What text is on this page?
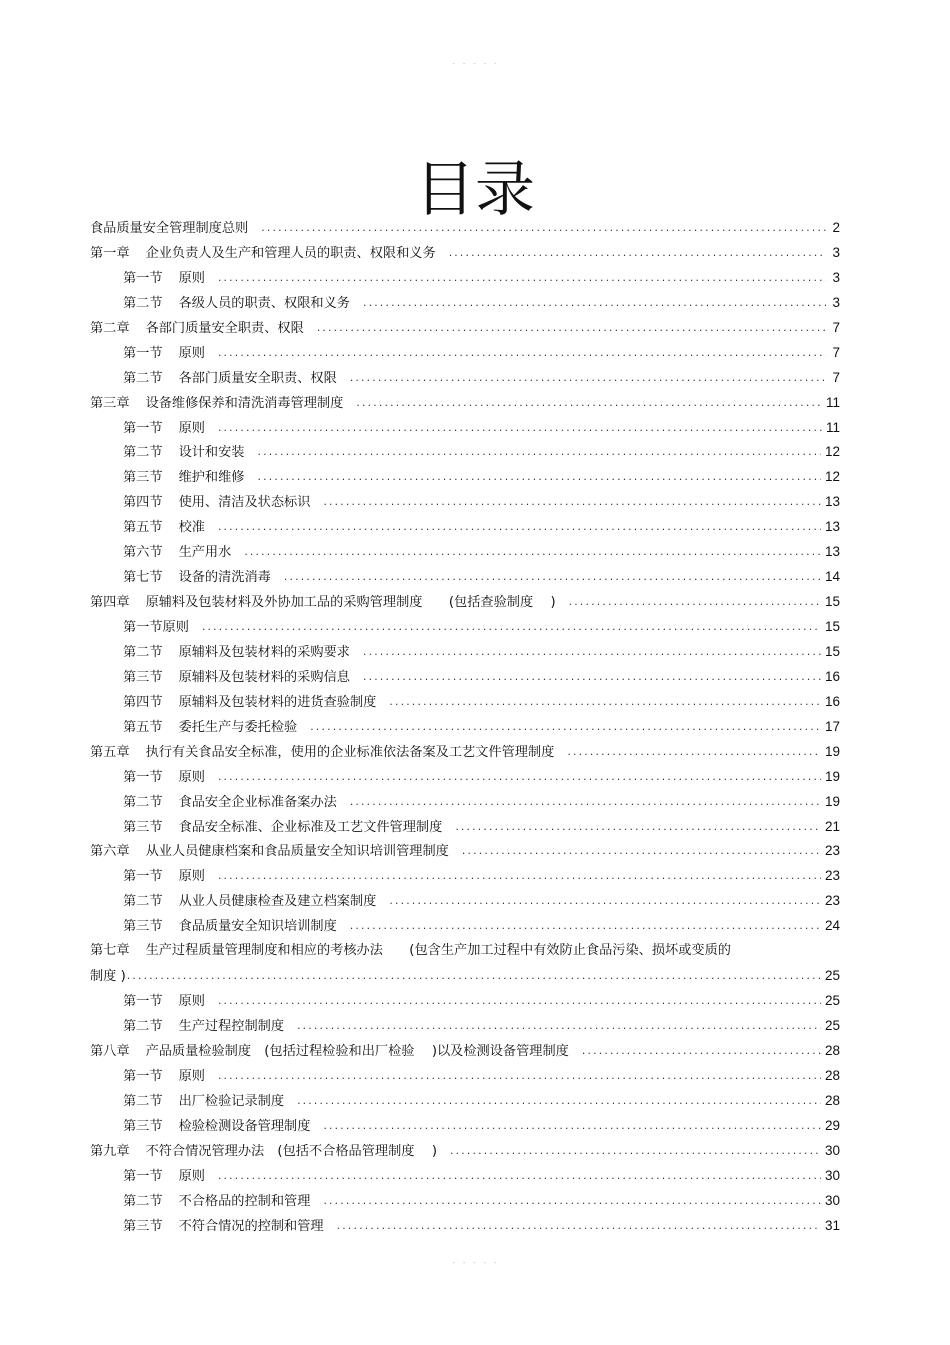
- - - - -
目录
食品质量安全管理制度总则 .....	2
第一章 企业负责人及生产和管理人员的职责、权限和义务 .....	3
第一节 原则 .....	3
第二节 各级人员的职责、权限和义务 .....	3
第二章 各部门质量安全职责、权限 .....	7
第一节 原则 .....	7
第二节 各部门质量安全职责、权限 .....	7
第三章 设备维修保养和清洗消毒管理制度 .....	11
第一节 原则 .....	11
第二节 设计和安装 .....	12
第三节 维护和维修 .....	12
第四节 使用、清洁及状态标识 .....	13
第五节 校准 .....	13
第六节 生产用水 .....	13
第七节 设备的清洗消毒 .....	14
第四章 原辅料及包装材料及外协加工品的采购管理制度　　(包括查验制度 　) .....	15
第一节原则 .....	15
第二节 原辅料及包装材料的采购要求 .....	15
第三节 原辅料及包装材料的采购信息 .....	16
第四节 原辅料及包装材料的进货查验制度 .....	16
第五节 委托生产与委托检验 .....	17
第五章 执行有关食品安全标准，使用的企业标准依法备案及工艺文件管理制度 .....	19
第一节 原则 .....	19
第二节 食品安全企业标准备案办法 .....	19
第三节 食品安全标准、企业标准及工艺文件管理制度 .....	21
第六章 从业人员健康档案和食品质量安全知识培训管理制度 .....	23
第一节 原则 .....	23
第二节 从业人员健康检查及建立档案制度 .....	23
第三节 食品质量安全知识培训制度 .....	24
第七章 生产过程质量管理制度和相应的考核办法　　(包含生产加工过程中有效防止食品污染、损坏或变质的
制度 ) .....	25
第一节 原则 .....	25
第二节 生产过程控制制度 .....	25
第八章 产品质量检验制度　(包括过程检验和出厂检验　 )以及检测设备管理制度 .....	28
第一节 原则 .....	28
第二节 出厂检验记录制度 .....	28
第三节 检验检测设备管理制度 .....	29
第九章 不符合情况管理办法　(包括不合格品管理制度　 ) .....	30
第一节 原则 .....	30
第二节 不合格品的控制和管理 .....	30
第三节 不符合情况的控制和管理 .....	31
- - - - -
